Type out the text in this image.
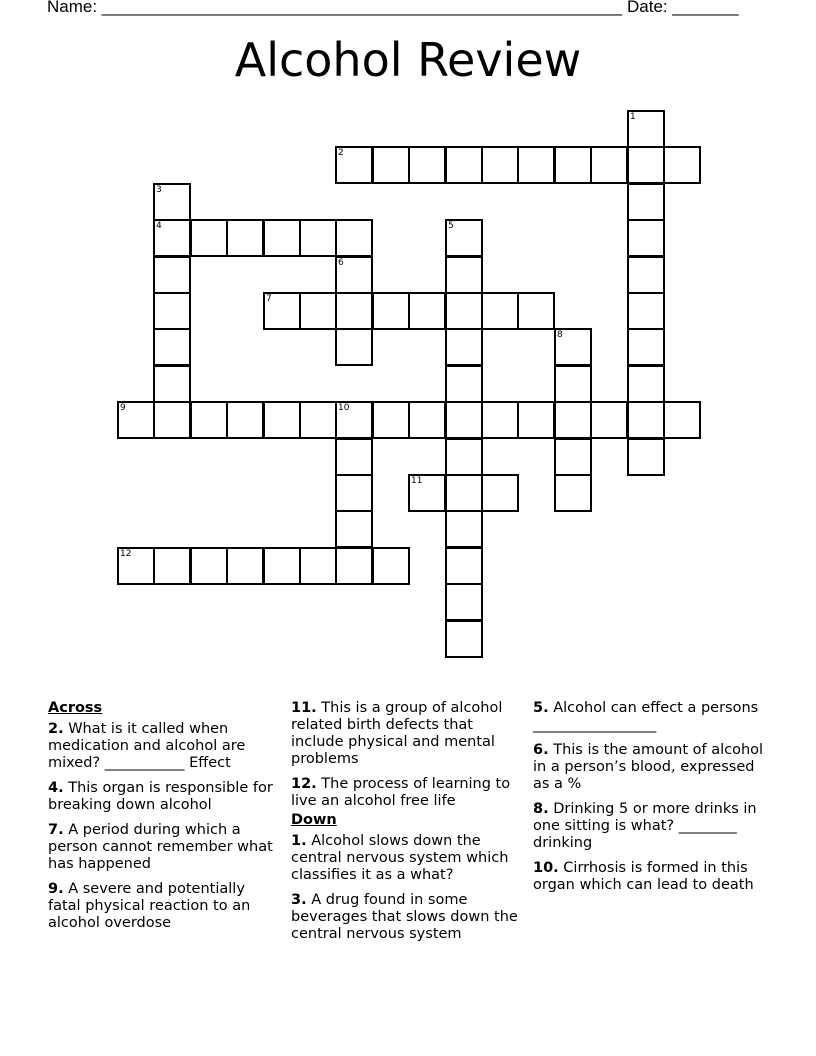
Name: _______________________________________________________ Date: _______
Alcohol Review
1
2
3
4	5
6
7
8
9	10
11
12
Across
2. What is it called when medication and alcohol are mixed? ___________ Effect
4. This organ is responsible for breaking down alcohol
7. A period during which a person cannot remember what has happened
9. A severe and potentially fatal physical reaction to an alcohol overdose
11. This is a group of alcohol related birth defects that include physical and mental problems
12. The process of learning to live an alcohol free life
Down
1. Alcohol slows down the central nervous system which classifies it as a what?
3. A drug found in some beverages that slows down the central nervous system
5. Alcohol can effect a persons _________________
6. This is the amount of alcohol in a person’s blood, expressed as a %
8. Drinking 5 or more drinks in one sitting is what? ________ drinking
10. Cirrhosis is formed in this organ which can lead to death
